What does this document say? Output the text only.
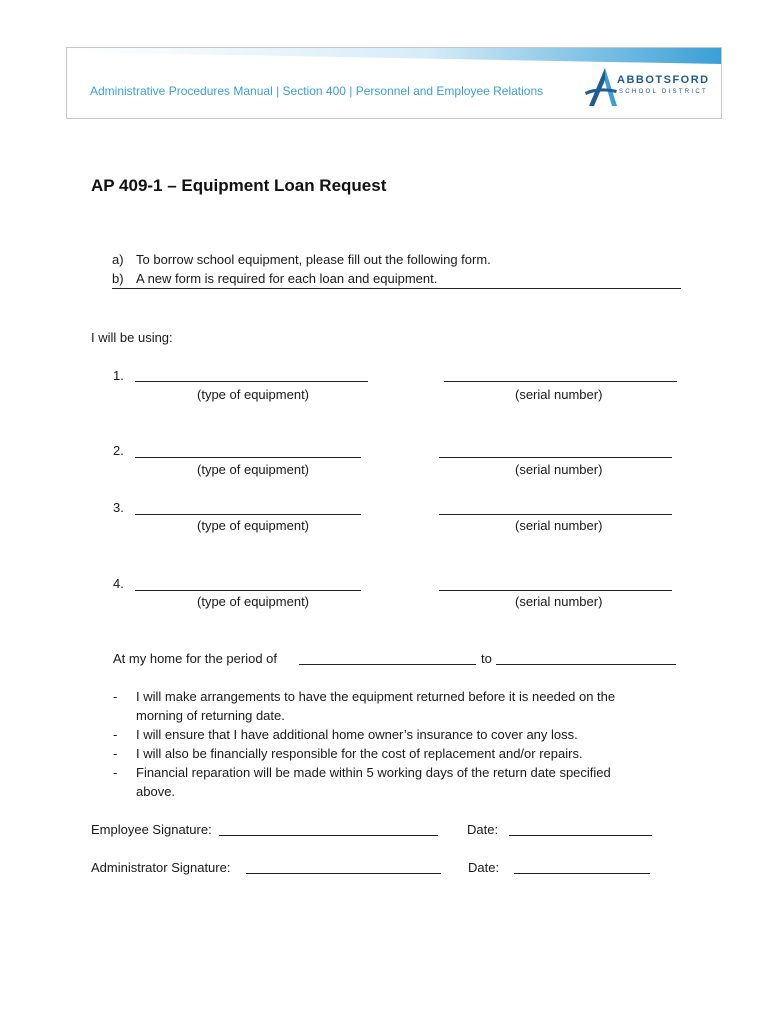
Administrative Procedures Manual | Section 400 | Personnel and Employee Relations
ABBOTSFORD
SCHOOL DISTRICT
AP 409-1 – Equipment Loan Request
a) To borrow school equipment, please fill out the following form.
b) A new form is required for each loan and equipment.
I will be using:
1.
(type of equipment)	(serial number)
2.
(type of equipment)	(serial number)
3.
(type of equipment)	(serial number)
4.
(type of equipment)	(serial number)
At my home for the period of	to
- I will make arrangements to have the equipment returned before it is needed on the
morning of returning date.
- I will ensure that I have additional home owner’s insurance to cover any loss.
- I will also be financially responsible for the cost of replacement and/or repairs.
- Financial reparation will be made within 5 working days of the return date specified
above.
Employee Signature:	Date:
Administrator Signature:	Date:
